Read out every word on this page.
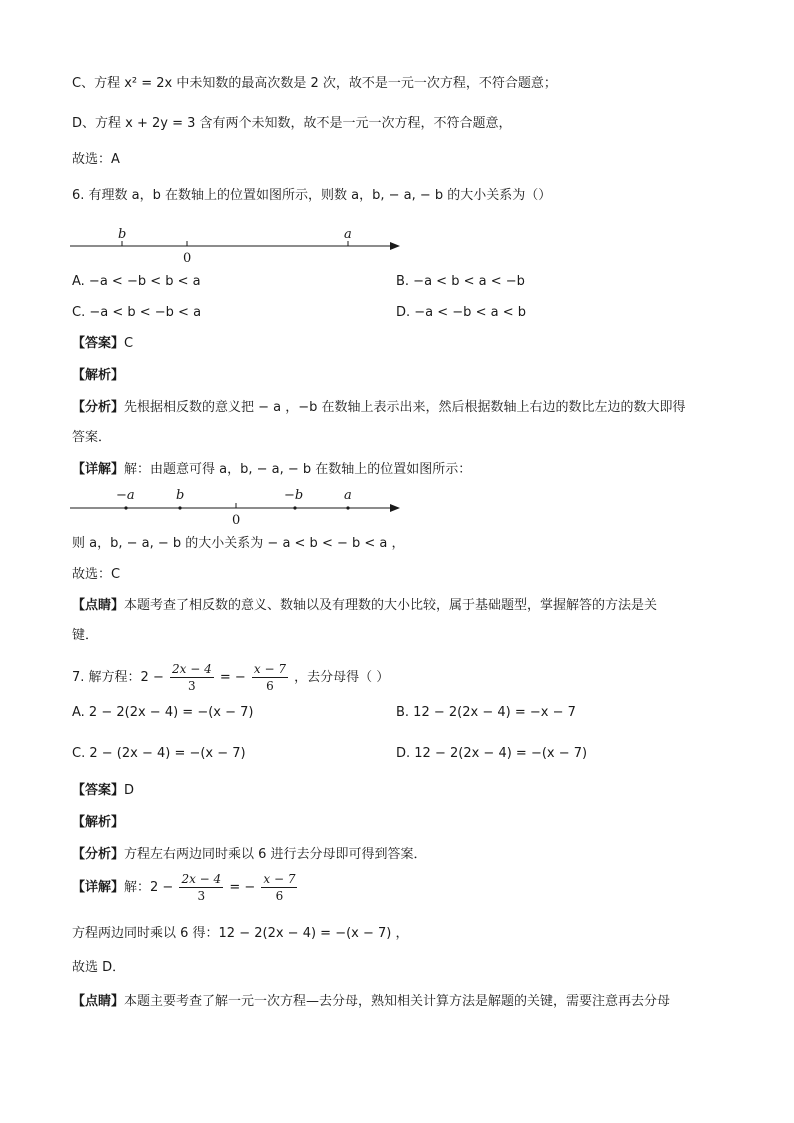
C、方程 x² = 2x 中未知数的最高次数是 2 次，故不是一元一次方程，不符合题意；
D、方程 x + 2y = 3 含有两个未知数，故不是一元一次方程，不符合题意，
故选：A
6. 有理数 a，b 在数轴上的位置如图所示，则数 a，b, − a, − b 的大小关系为（）
b
0
a
A. −a < −b < b < a	B. −a < b < a < −b
C. −a < b < −b < a	D. −a < −b < a < b
【答案】C
【解析】
【分析】先根据相反数的意义把 − a ，−b 在数轴上表示出来，然后根据数轴上右边的数比左边的数大即得
答案．
【详解】解：由题意可得 a，b, − a, − b 在数轴上的位置如图所示：
−a	b
0
−b	a
则 a，b, − a, − b 的大小关系为 − a < b < − b < a ，
故选：C
【点睛】本题考查了相反数的意义、数轴以及有理数的大小比较，属于基础题型，掌握解答的方法是关
键．
7. 解方程：$2 - \frac{2x - 4}{3}$ = − $\frac{x - 7}{6}$ ，去分母得（ ）
A. 2 − 2(2x − 4) = −(x − 7)	B. 12 − 2(2x − 4) = −x − 7
C. 2 − (2x − 4) = −(x − 7)	D. 12 − 2(2x − 4) = −(x − 7)
【答案】D
【解析】
【分析】方程左右两边同时乘以 6 进行去分母即可得到答案．
【详解】解：$2 - \frac{2x - 4}{3}$ = − $\frac{x - 7}{6}$
方程两边同时乘以 6 得：12 − 2(2x − 4) = −(x − 7) ，
故选 D．
【点睛】本题主要考查了解一元一次方程—去分母，熟知相关计算方法是解题的关键，需要注意再去分母
